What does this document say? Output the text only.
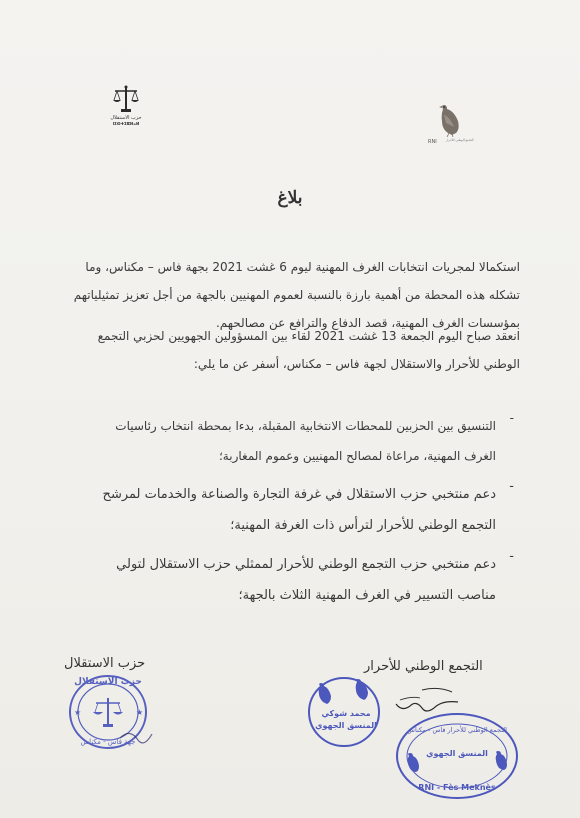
حزب الاستقلال
ⵏⵉⵙⵜⵉⵇⵍⴰⵍ
RNI	التجمع الوطني للأحرار
بلاغ
استكمالا لمجريات انتخابات الغرف المهنية ليوم 6 غشت 2021 بجهة فاس – مكناس، وما
تشكله هذه المحطة من أهمية بارزة بالنسبة لعموم المهنيين بالجهة من أجل تعزيز تمثيلياتهم
بمؤسسات الغرف المهنية، قصد الدفاع والترافع عن مصالحهم.
انعقد صباح اليوم الجمعة 13 غشت 2021 لقاء بين المسؤولين الجهويين لحزبي التجمع
الوطني للأحرار والاستقلال لجهة فاس – مكناس، أسفر عن ما يلي:
-
التنسيق بين الحزبين للمحطات الانتخابية المقبلة، بدءا بمحطة انتخاب رئاسيات
الغرف المهنية، مراعاة لمصالح المهنيين وعموم المغاربة؛
-
دعم منتخبي حزب الاستقلال في غرفة التجارة والصناعة والخدمات لمرشح
التجمع الوطني للأحرار لترأس ذات الغرفة المهنية؛
-
دعم منتخبي حزب التجمع الوطني للأحرار لممثلي حزب الاستقلال لتولي
مناصب التسيير في الغرف المهنية الثلاث بالجهة؛
التجمع الوطني للأحرار
حزب الاستقلال
حزب الاستقلال
جهة فاس - مكناس
★	★	محمد شوكي
المنسق الجهوي	التجمع الوطني للأحرار فاس - مكناس
المنسق الجهوي
RNI - Fès Meknès
